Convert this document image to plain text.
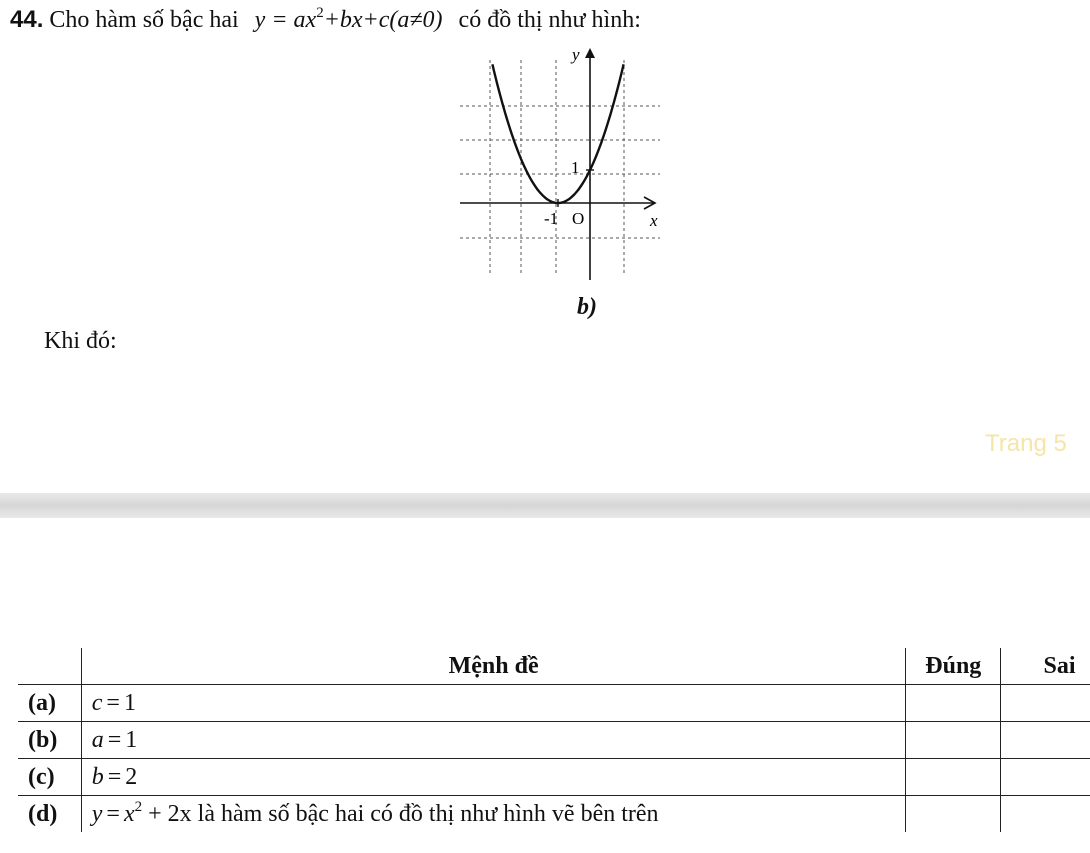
44. Cho hàm số bậc hai $y = ax^2+bx+c(a\ne 0)$ có đồ thị như hình:
y
x
O
-1
1
b)
Khi đó:
Trang 5
	Mệnh đề	Đúng	Sai
(a)	c = 1		
(b)	a = 1		
(c)	b = 2		
(d)	$y = x^2 + 2x$ là hàm số bậc hai có đồ thị như hình vẽ bên trên		
